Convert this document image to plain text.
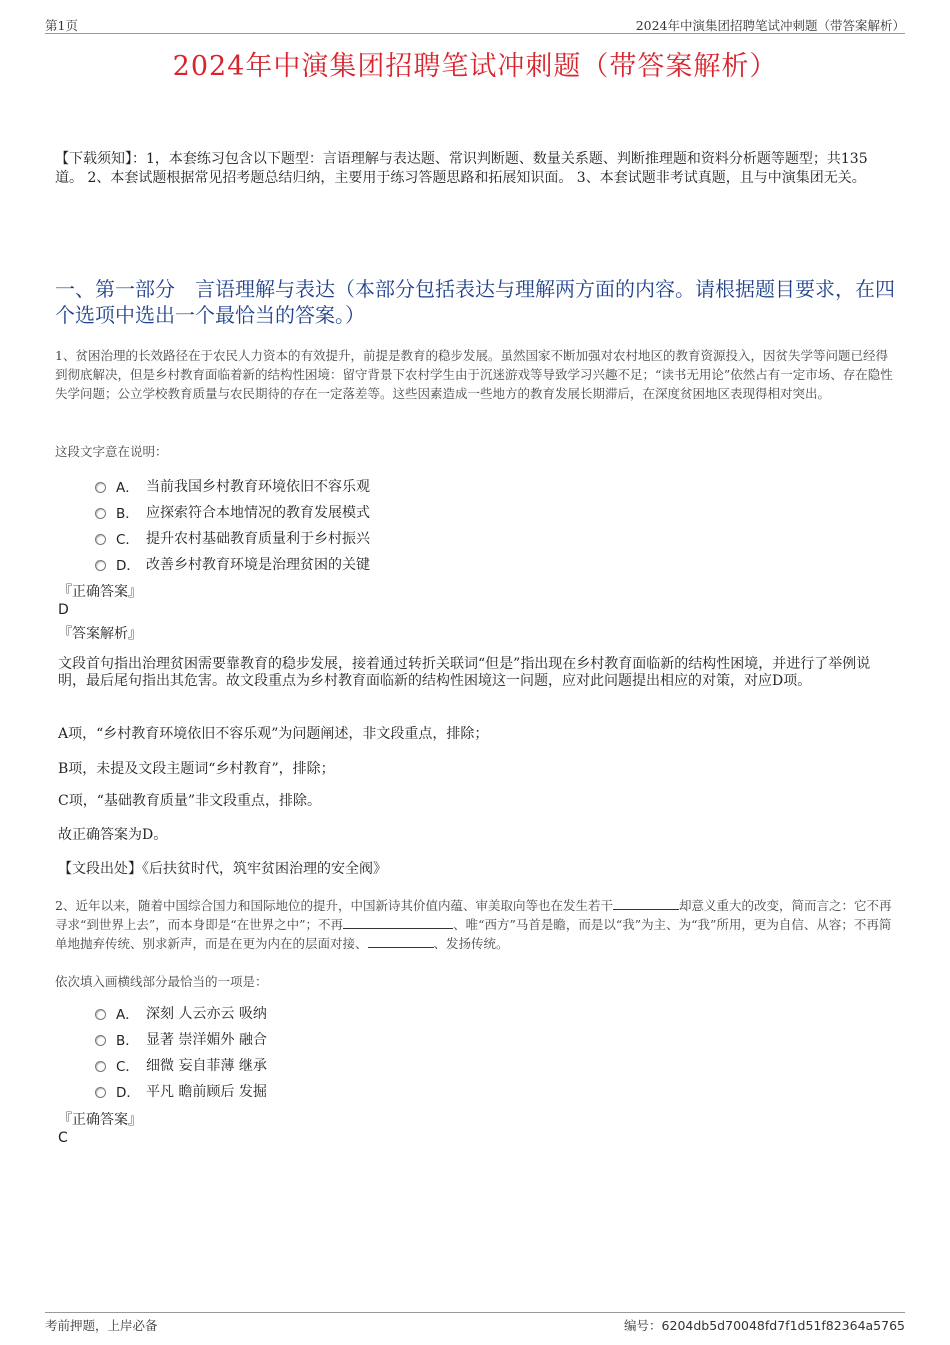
第1页	2024年中演集团招聘笔试冲刺题（带答案解析）
2024年中演集团招聘笔试冲刺题（带答案解析）
【下载须知】：1，本套练习包含以下题型：言语理解与表达题、常识判断题、数量关系题、判断推理题和资料分析题等题型；共135道。 2、本套试题根据常见招考题总结归纳，主要用于练习答题思路和拓展知识面。 3、本套试题非考试真题，且与中演集团无关。
一、第一部分　言语理解与表达（本部分包括表达与理解两方面的内容。请根据题目要求，在四个选项中选出一个最恰当的答案。）
1、贫困治理的长效路径在于农民人力资本的有效提升，前提是教育的稳步发展。虽然国家不断加强对农村地区的教育资源投入，因贫失学等问题已经得到彻底解决，但是乡村教育面临着新的结构性困境：留守背景下农村学生由于沉迷游戏等导致学习兴趣不足；“读书无用论”依然占有一定市场、存在隐性失学问题；公立学校教育质量与农民期待的存在一定落差等。这些因素造成一些地方的教育发展长期滞后，在深度贫困地区表现得相对突出。
这段文字意在说明：
A． 当前我国乡村教育环境依旧不容乐观
B． 应探索符合本地情况的教育发展模式
C． 提升农村基础教育质量利于乡村振兴
D． 改善乡村教育环境是治理贫困的关键
『正确答案』
D
『答案解析』
文段首句指出治理贫困需要靠教育的稳步发展，接着通过转折关联词“但是”指出现在乡村教育面临新的结构性困境，并进行了举例说明，最后尾句指出其危害。故文段重点为乡村教育面临新的结构性困境这一问题，应对此问题提出相应的对策，对应D项。
A项，“乡村教育环境依旧不容乐观”为问题阐述，非文段重点，排除；
B项，未提及文段主题词“乡村教育”，排除；
C项，“基础教育质量”非文段重点，排除。
故正确答案为D。
【文段出处】《后扶贫时代，筑牢贫困治理的安全阀》
2、近年以来，随着中国综合国力和国际地位的提升，中国新诗其价值内蕴、审美取向等也在发生若干	却意义重大的改变，简而言之：它不再寻求“到世界上去”，而本身即是“在世界之中”；不再	、唯“西方”马首是瞻，而是以“我”为主、为“我”所用，更为自信、从容；不再简单地抛弃传统、别求新声，而是在更为内在的层面对接、	、发扬传统。
依次填入画横线部分最恰当的一项是：
A． 深刻 人云亦云 吸纳
B． 显著 崇洋媚外 融合
C． 细微 妄自菲薄 继承
D． 平凡 瞻前顾后 发掘
『正确答案』
C
考前押题，上岸必备	编号：6204db5d70048fd7f1d51f82364a5765
